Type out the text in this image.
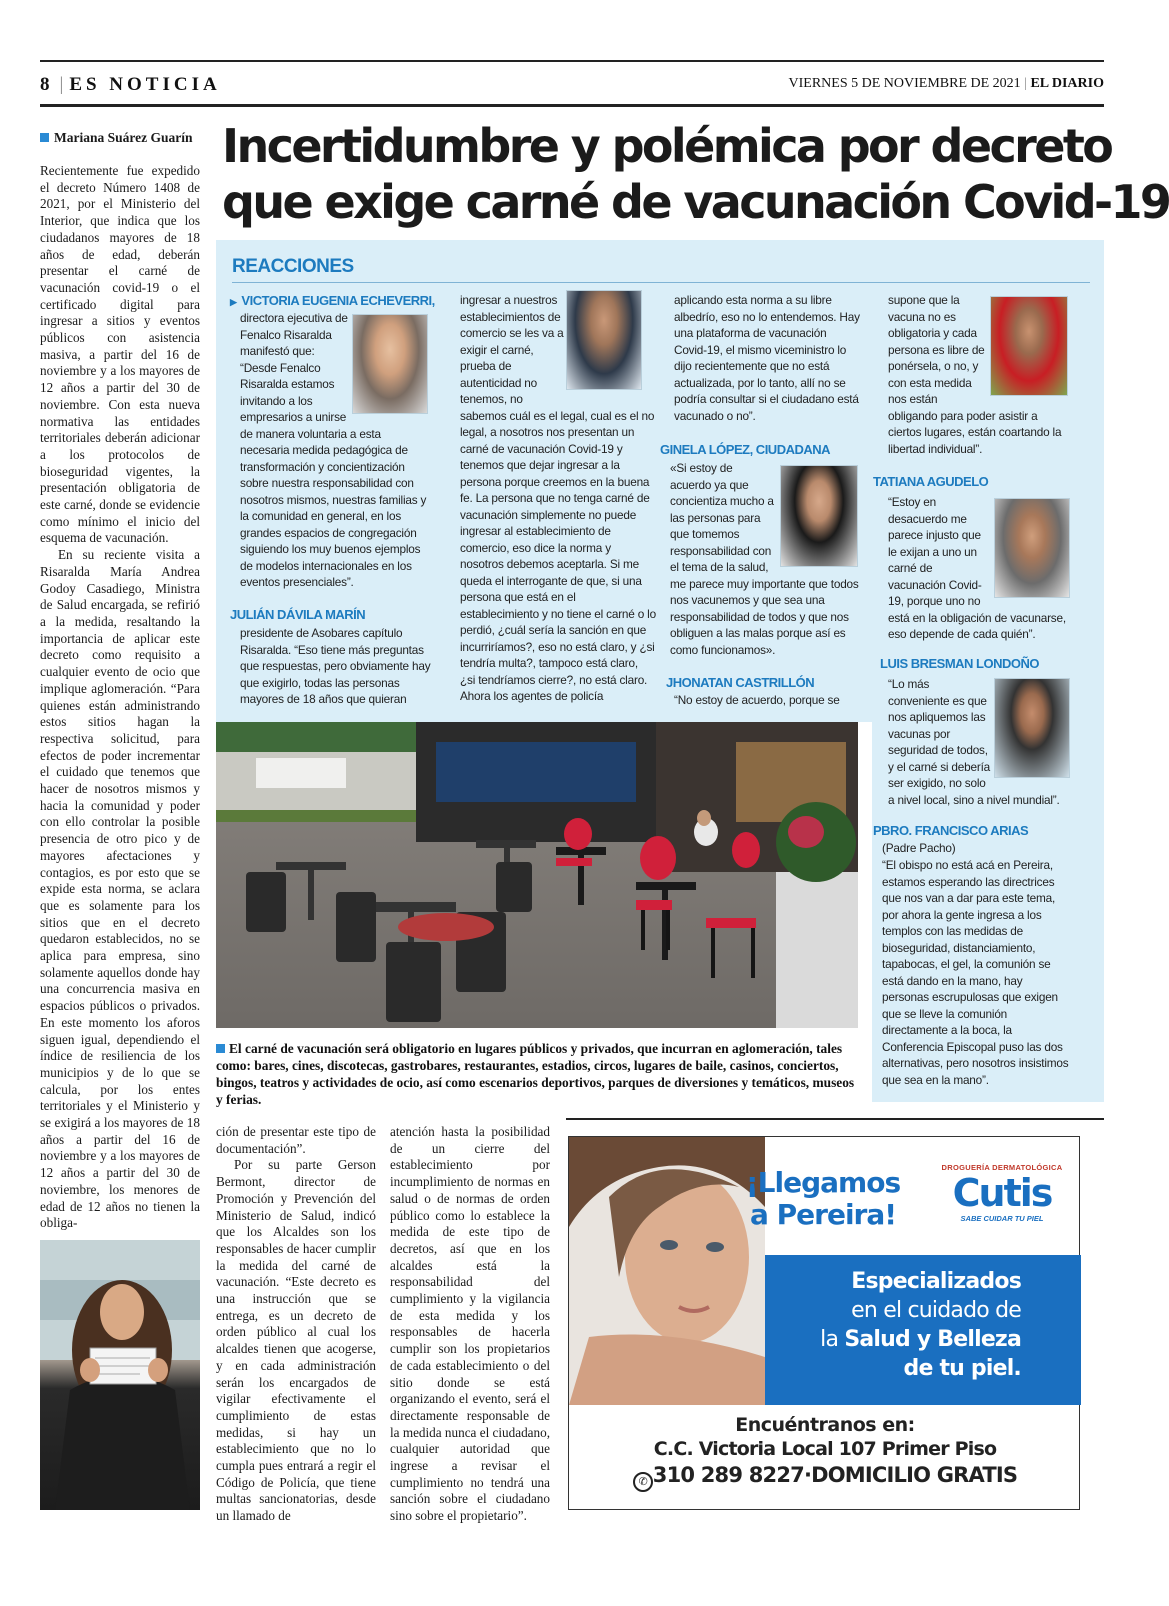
8 | ES NOTICIA	VIERNES 5 DE NOVIEMBRE DE 2021 | EL DIARIO
Mariana Suárez Guarín Incertidumbre y polémica por decreto
que exige carné de vacunación Covid-19

Recientemente fue expedido el decreto Número 1408 de 2021, por el Ministerio del Interior, que indica que los ciudadanos mayores de 18 años de edad, deberán presentar el carné de vacunación covid-19 o el certificado digital para ingresar a sitios y eventos públicos con asistencia masiva, a partir del 16 de noviembre y a los mayores de 12 años a partir del 30 de noviembre. Con esta nueva normativa las entidades territoriales deberán adicionar a los protocolos de bioseguridad vigentes, la presentación obligatoria de este carné, donde se evidencie como mínimo el inicio del esquema de vacunación.

En su reciente visita a Risaralda María Andrea Godoy Casadiego, Ministra de Salud encargada, se refirió a la medida, resaltando la importancia de aplicar este decreto como requisito a cualquier evento de ocio que implique aglomeración. “Para quienes están administrando estos sitios hagan la respectiva solicitud, para efectos de poder incrementar el cuidado que tenemos que hacer de nosotros mismos y hacia la comunidad y poder con ello controlar la posible presencia de otro pico y de mayores afectaciones y contagios, es por esto que se expide esta norma, se aclara que es solamente para los sitios que en el decreto quedaron establecidos, no se aplica para empresa, sino solamente aquellos donde hay una concurrencia masiva en espacios públicos o privados. En este momento los aforos siguen igual, dependiendo el índice de resiliencia de los municipios y de lo que se calcula, por los entes territoriales y el Ministerio y se exigirá a los mayores de 18 años a partir del 16 de noviembre y a los mayores de 12 años a partir del 30 de noviembre, los menores de edad de 12 años no tienen la obliga-

REACCIONES
▶ VICTORIA EUGENIA ECHEVERRI,
directora ejecutiva de Fenalco Risaralda manifestó que: “Desde Fenalco Risaralda estamos invitando a los empresarios a unirse de manera voluntaria a esta necesaria medida pedagógica de transformación y concientización sobre nuestra responsabilidad con nosotros mismos, nuestras familias y la comunidad en general, en los grandes espacios de congregación siguiendo los muy buenos ejemplos de modelos internacionales en los eventos presenciales”.
JULIÁN DÁVILA MARÍN
presidente de Asobares capítulo Risaralda. “Eso tiene más preguntas que respuestas, pero obviamente hay que exigirlo, todas las personas mayores de 18 años que quieran
ingresar a nuestros establecimientos de comercio se les va a exigir el carné, prueba de autenticidad no tenemos, no sabemos cuál es el legal, cual es el no legal, a nosotros nos presentan un carné de vacunación Covid-19 y tenemos que dejar ingresar a la persona porque creemos en la buena fe. La persona que no tenga carné de vacunación simplemente no puede ingresar al establecimiento de comercio, eso dice la norma y nosotros debemos aceptarla. Si me queda el interrogante de que, si una persona que está en el establecimiento y no tiene el carné o lo perdió, ¿cuál sería la sanción en que incurriríamos?, eso no está claro, y ¿si tendría multa?, tampoco está claro, ¿si tendríamos cierre?, no está claro. Ahora los agentes de policía
aplicando esta norma a su libre albedrío, eso no lo entendemos. Hay una plataforma de vacunación Covid-19, el mismo viceministro lo dijo recientemente que no está actualizada, por lo tanto, allí no se podría consultar si el ciudadano está vacunado o no”.
GINELA LÓPEZ, CIUDADANA
«Si estoy de acuerdo ya que concientiza mucho a las personas para que tomemos responsabilidad con el tema de la salud, me parece muy importante que todos nos vacunemos y que sea una responsabilidad de todos y que nos obliguen a las malas porque así es como funcionamos».
JHONATAN CASTRILLÓN
“No estoy de acuerdo, porque se
supone que la vacuna no es obligatoria y cada persona es libre de ponérsela, o no, y con esta medida nos están obligando para poder asistir a ciertos lugares, están coartando la libertad individual”.
TATIANA AGUDELO
“Estoy en desacuerdo me parece injusto que le exijan a uno un carné de vacunación Covid-19, porque uno no está en la obligación de vacunarse, eso depende de cada quién”.
LUIS BRESMAN LONDOÑO
“Lo más conveniente es que nos apliquemos las vacunas por seguridad de todos, y el carné si debería ser exigido, no solo a nivel local, sino a nivel mundial”.
PBRO. FRANCISCO ARIAS
(Padre Pacho)
“El obispo no está acá en Pereira, estamos esperando las directrices que nos van a dar para este tema, por ahora la gente ingresa a los templos con las medidas de bioseguridad, distanciamiento, tapabocas, el gel, la comunión se está dando en la mano, hay personas escrupulosas que exigen que se lleve la comunión directamente a la boca, la Conferencia Episcopal puso las dos alternativas, pero nosotros insistimos que sea en la mano”.
El carné de vacunación será obligatorio en lugares públicos y privados, que incurran en aglomeración, tales como: bares, cines, discotecas, gastrobares, restaurantes, estadios, circos, lugares de baile, casinos, conciertos, bingos, teatros y actividades de ocio, así como escenarios deportivos, parques de diversiones y temáticos, museos y ferias.

ción de presentar este tipo de documentación”.

Por su parte Gerson Bermont, director de Promoción y Prevención del Ministerio de Salud, indicó que los Alcaldes son los responsables de hacer cumplir la medida del carné de vacunación. “Este decreto es una instrucción que se entrega, es un decreto de orden público al cual los alcaldes tienen que acogerse, y en cada administración serán los encargados de vigilar efectivamente el cumplimiento de estas medidas, si hay un establecimiento que no lo cumpla pues entrará a regir el Código de Policía, que tiene multas sancionatorias, desde un llamado de

atención hasta la posibilidad de un cierre del establecimiento por incumplimiento de normas en salud o de normas de orden público como lo establece la medida de este tipo de decretos, así que en los alcaldes está la responsabilidad del cumplimiento y la vigilancia de esta medida y los responsables de hacerla cumplir son los propietarios de cada establecimiento o del sitio donde se está organizando el evento, será el directamente responsable de la medida nunca el ciudadano, cualquier autoridad que ingrese a revisar el cumplimiento no tendrá una sanción sobre el ciudadano sino sobre el propietario”.

¡Llegamos
a Pereira!
DROGUERÍA DERMATOLÓGICA
Cutis
SABE CUIDAR TU PIEL
Especializados
en el cuidado de
la Salud y Belleza
de tu piel.
Encuéntranos en:
C.C. Victoria Local 107 Primer Piso
✆ 310 289 8227·DOMICILIO GRATIS
